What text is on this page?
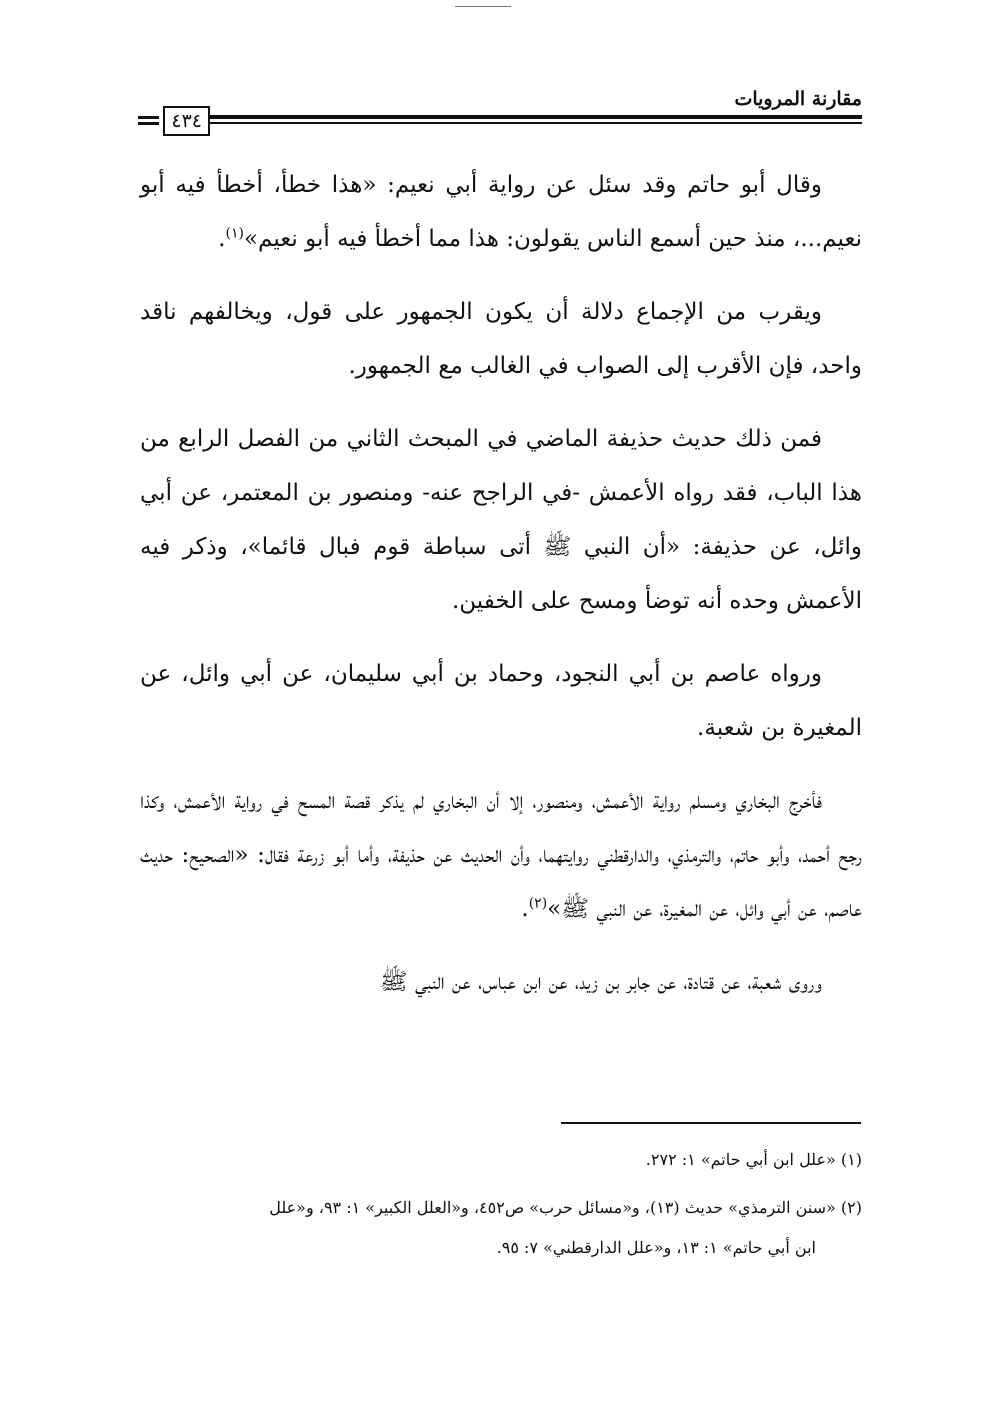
مقارنة المرويات
٤٣٤

وقال أبو حاتم وقد سئل عن رواية أبي نعيم: «هذا خطأ، أخطأ فيه أبو نعيم...، منذ حين أسمع الناس يقولون: هذا مما أخطأ فيه أبو نعيم»$^{(١)}$.

ويقرب من الإجماع دلالة أن يكون الجمهور على قول، ويخالفهم ناقد واحد، فإن الأقرب إلى الصواب في الغالب مع الجمهور.

فمن ذلك حديث حذيفة الماضي في المبحث الثاني من الفصل الرابع من هذا الباب، فقد رواه الأعمش -في الراجح عنه- ومنصور بن المعتمر، عن أبي وائل، عن حذيفة: «أن النبي ﷺ أتى سباطة قوم فبال قائما»، وذكر فيه الأعمش وحده أنه توضأ ومسح على الخفين.

ورواه عاصم بن أبي النجود، وحماد بن أبي سليمان، عن أبي وائل، عن المغيرة بن شعبة.

فأخرج البخاري ومسلم رواية الأعمش، ومنصور، إلا أن البخاري لم يذكر قصة المسح في رواية الأعمش، وكذا رجح أحمد، وأبو حاتم، والترمذي، والدارقطني روايتهما، وأن الحديث عن حذيفة، وأما أبو زرعة فقال: «الصحيح: حديث عاصم، عن أبي وائل، عن المغيرة، عن النبي ﷺ»$^{(٢)}$.

وروى شعبة، عن قتادة، عن جابر بن زيد، عن ابن عباس، عن النبي ﷺ

(١) «علل ابن أبي حاتم» ١: ٢٧٢.

(٢) «سنن الترمذي» حديث (١٣)، و«مسائل حرب» ص٤٥٢، و«العلل الكبير» ١: ٩٣، و«علل
ابن أبي حاتم» ١: ١٣، و«علل الدارقطني» ٧: ٩٥.
